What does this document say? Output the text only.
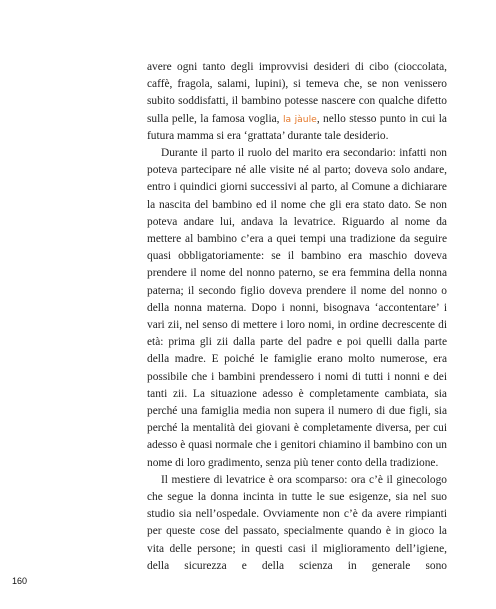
avere ogni tanto degli improvvisi desideri di cibo (cioccolata, caffè, fragola, salami, lupini), si temeva che, se non venissero subito soddisfatti, il bambino potesse nascere con qualche difetto sulla pelle, la famosa voglia, la jàule, nello stesso punto in cui la futura mamma si era ‘grattata’ durante tale desiderio.

Durante il parto il ruolo del marito era secondario: infatti non poteva partecipare né alle visite né al parto; doveva solo andare, entro i quindici giorni successivi al parto, al Comune a dichiarare la nascita del bambino ed il nome che gli era stato dato. Se non poteva andare lui, andava la levatrice. Riguardo al nome da mettere al bambino c’era a quei tempi una tradizione da seguire quasi obbligatoriamente: se il bambino era maschio doveva prendere il nome del nonno paterno, se era femmina della nonna paterna; il secondo figlio doveva prendere il nome del nonno o della nonna materna. Dopo i nonni, bisognava ‘accontentare’ i vari zii, nel senso di mettere i loro nomi, in ordine decrescente di età: prima gli zii dalla parte del padre e poi quelli dalla parte della madre. E poiché le famiglie erano molto numerose, era possibile che i bambini prendessero i nomi di tutti i nonni e dei tanti zii. La situazione adesso è completamente cambiata, sia perché una famiglia media non supera il numero di due figli, sia perché la mentalità dei giovani è completamente diversa, per cui adesso è quasi normale che i genitori chiamino il bambino con un nome di loro gradimento, senza più tener conto della tradizione.

Il mestiere di levatrice è ora scomparso: ora c’è il ginecologo che segue la donna incinta in tutte le sue esigenze, sia nel suo studio sia nell’ospedale. Ovviamente non c’è da avere rimpianti per queste cose del passato, specialmente quando è in gioco la vita delle persone; in questi casi il miglioramento dell’igiene, della sicurezza e della scienza in generale sono

160
